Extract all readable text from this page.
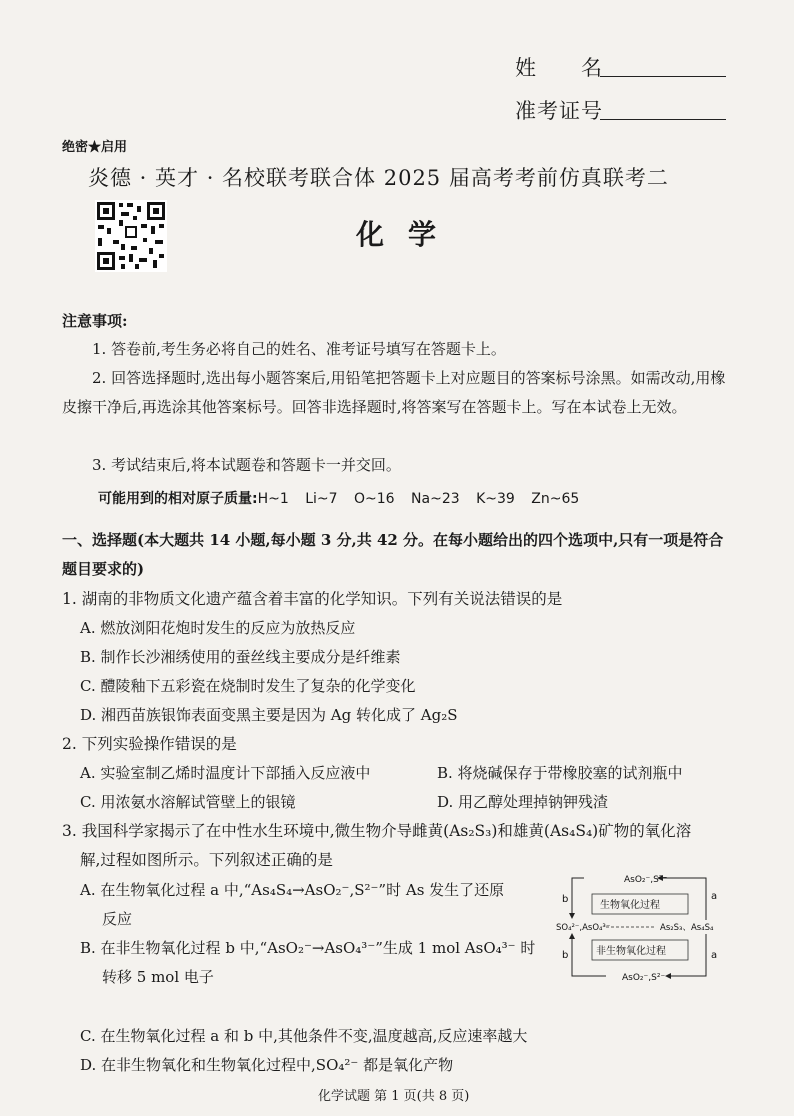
姓　　名
准考证号
绝密★启用
炎德 · 英才 · 名校联考联合体 2025 届高考考前仿真联考二
化学
注意事项:
1. 答卷前,考生务必将自己的姓名、准考证号填写在答题卡上。
2. 回答选择题时,选出每小题答案后,用铅笔把答题卡上对应题目的答案标号涂黑。如需改动,用橡皮擦干净后,再选涂其他答案标号。回答非选择题时,将答案写在答题卡上。写在本试卷上无效。
3. 考试结束后,将本试题卷和答题卡一并交回。
可能用到的相对原子质量:H~1 Li~7 O~16 Na~23 K~39 Zn~65
一、选择题(本大题共 14 小题,每小题 3 分,共 42 分。在每小题给出的四个选项中,只有一项是符合题目要求的)
1. 湖南的非物质文化遗产蕴含着丰富的化学知识。下列有关说法错误的是
A. 燃放浏阳花炮时发生的反应为放热反应
B. 制作长沙湘绣使用的蚕丝线主要成分是纤维素
C. 醴陵釉下五彩瓷在烧制时发生了复杂的化学变化
D. 湘西苗族银饰表面变黑主要是因为 Ag 转化成了 Ag₂S
2. 下列实验操作错误的是
A. 实验室制乙烯时温度计下部插入反应液中	B. 将烧碱保存于带橡胶塞的试剂瓶中
C. 用浓氨水溶解试管壁上的银镜	D. 用乙醇处理掉钠钾残渣
3. 我国科学家揭示了在中性水生环境中,微生物介导雌黄(As₂S₃)和雄黄(As₄S₄)矿物的氧化溶
解,过程如图所示。下列叙述正确的是
A. 在生物氧化过程 a 中,“As₄S₄→AsO₂⁻,S²⁻”时 As 发生了还原
反应
B. 在非生物氧化过程 b 中,“AsO₂⁻→AsO₄³⁻”生成 1 mol AsO₄³⁻ 时
转移 5 mol 电子
C. 在生物氧化过程 a 和 b 中,其他条件不变,温度越高,反应速率越大
D. 在非生物氧化和生物氧化过程中,SO₄²⁻ 都是氧化产物
AsO₂⁻,S²⁻
生物氧化过程
SO₄²⁻,AsO₄³⁻	As₂S₃、As₄S₄
非生物氧化过程
AsO₂⁻,S²⁻
a
a
b
b
化学试题 第 1 页(共 8 页)
